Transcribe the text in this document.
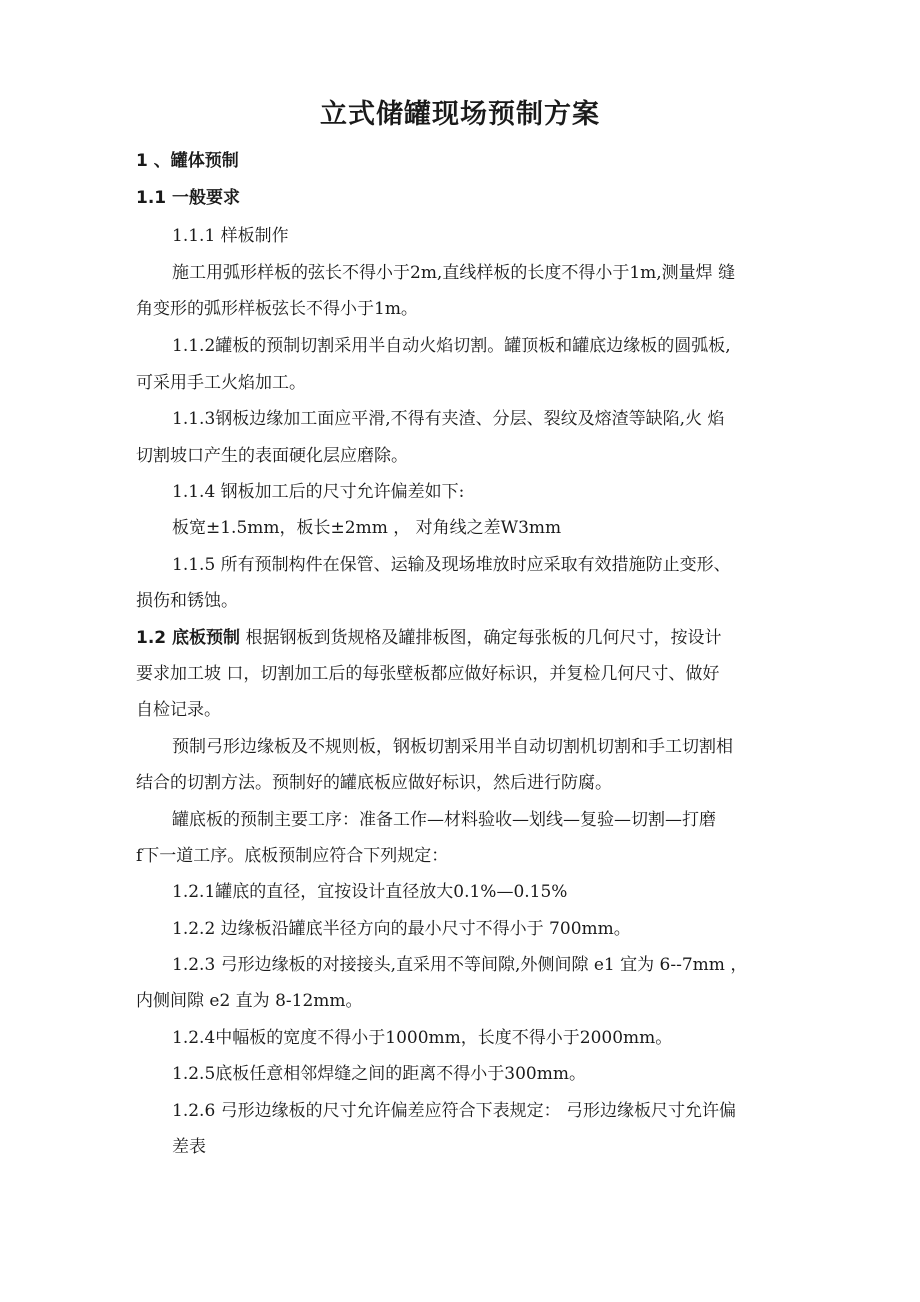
立式储罐现场预制方案
1 、罐体预制
1.1 一般要求
1.1.1 样板制作
施工用弧形样板的弦长不得小于2m,直线样板的长度不得小于1m,测量焊 缝
角变形的弧形样板弦长不得小于1m。
1.1.2罐板的预制切割采用半自动火焰切割。罐顶板和罐底边缘板的圆弧板,
可采用手工火焰加工。
1.1.3钢板边缘加工面应平滑,不得有夹渣、分层、裂纹及熔渣等缺陷,火 焰
切割坡口产生的表面硬化层应磨除。
1.1.4 钢板加工后的尺寸允许偏差如下:
板宽±1.5mm，板长±2mm ， 对角线之差W3mm
1.1.5 所有预制构件在保管、运输及现场堆放时应采取有效措施防止变形、
损伤和锈蚀。
1.2 底板预制 根据钢板到货规格及罐排板图，确定每张板的几何尺寸，按设计
要求加工坡 口，切割加工后的每张壁板都应做好标识，并复检几何尺寸、做好
自检记录。
预制弓形边缘板及不规则板，钢板切割采用半自动切割机切割和手工切割相
结合的切割方法。预制好的罐底板应做好标识，然后进行防腐。
罐底板的预制主要工序：准备工作—材料验收—划线—复验—切割—打磨
f下一道工序。底板预制应符合下列规定：
1.2.1罐底的直径，宜按设计直径放大0.1%—0.15%
1.2.2 边缘板沿罐底半径方向的最小尺寸不得小于 700mm。
1.2.3 弓形边缘板的对接接头,直采用不等间隙,外侧间隙 e1 宜为 6--7mm ，
内侧间隙 e2 直为 8-12mm。
1.2.4中幅板的宽度不得小于1000mm，长度不得小于2000mm。
1.2.5底板任意相邻焊缝之间的距离不得小于300mm。
1.2.6 弓形边缘板的尺寸允许偏差应符合下表规定： 弓形边缘板尺寸允许偏
差表
